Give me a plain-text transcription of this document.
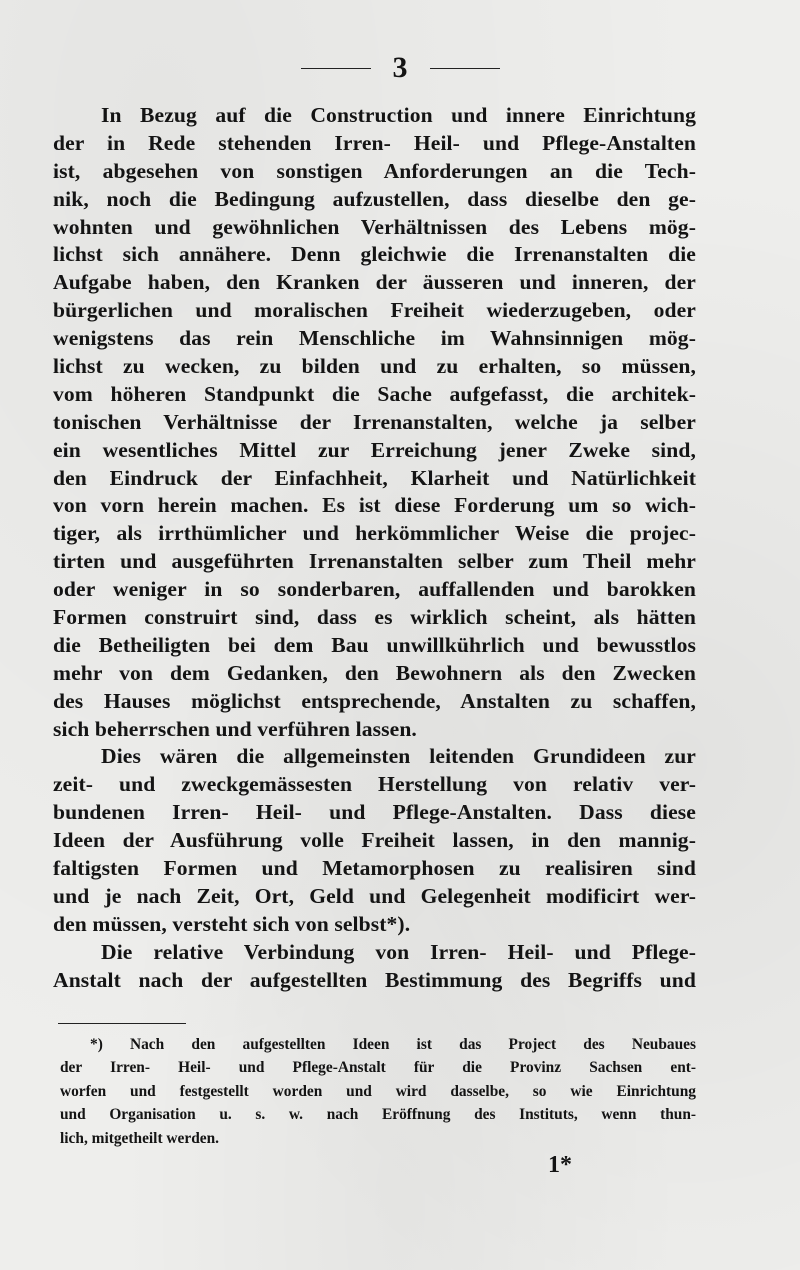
3
In Bezug auf die Construction und innere Einrichtung
der in Rede stehenden Irren- Heil- und Pflege-Anstalten
ist, abgesehen von sonstigen Anforderungen an die Tech-
nik, noch die Bedingung aufzustellen, dass dieselbe den ge-
wohnten und gewöhnlichen Verhältnissen des Lebens mög-
lichst sich annähere. Denn gleichwie die Irrenanstalten die
Aufgabe haben, den Kranken der äusseren und inneren, der
bürgerlichen und moralischen Freiheit wiederzugeben, oder
wenigstens das rein Menschliche im Wahnsinnigen mög-
lichst zu wecken, zu bilden und zu erhalten, so müssen,
vom höheren Standpunkt die Sache aufgefasst, die architek-
tonischen Verhältnisse der Irrenanstalten, welche ja selber
ein wesentliches Mittel zur Erreichung jener Zweke sind,
den Eindruck der Einfachheit, Klarheit und Natürlichkeit
von vorn herein machen. Es ist diese Forderung um so wich-
tiger, als irrthümlicher und herkömmlicher Weise die projec-
tirten und ausgeführten Irrenanstalten selber zum Theil mehr
oder weniger in so sonderbaren, auffallenden und barokken
Formen construirt sind, dass es wirklich scheint, als hätten
die Betheiligten bei dem Bau unwillkührlich und bewusstlos
mehr von dem Gedanken, den Bewohnern als den Zwecken
des Hauses möglichst entsprechende, Anstalten zu schaffen,
sich beherrschen und verführen lassen.
Dies wären die allgemeinsten leitenden Grundideen zur
zeit- und zweckgemässesten Herstellung von relativ ver-
bundenen Irren- Heil- und Pflege-Anstalten. Dass diese
Ideen der Ausführung volle Freiheit lassen, in den mannig-
faltigsten Formen und Metamorphosen zu realisiren sind
und je nach Zeit, Ort, Geld und Gelegenheit modificirt wer-
den müssen, versteht sich von selbst*).
Die relative Verbindung von Irren- Heil- und Pflege-
Anstalt nach der aufgestellten Bestimmung des Begriffs und
*) Nach den aufgestellten Ideen ist das Project des Neubaues
der Irren- Heil- und Pflege-Anstalt für die Provinz Sachsen ent-
worfen und festgestellt worden und wird dasselbe, so wie Einrichtung
und Organisation u. s. w. nach Eröffnung des Instituts, wenn thun-
lich, mitgetheilt werden.
1*
